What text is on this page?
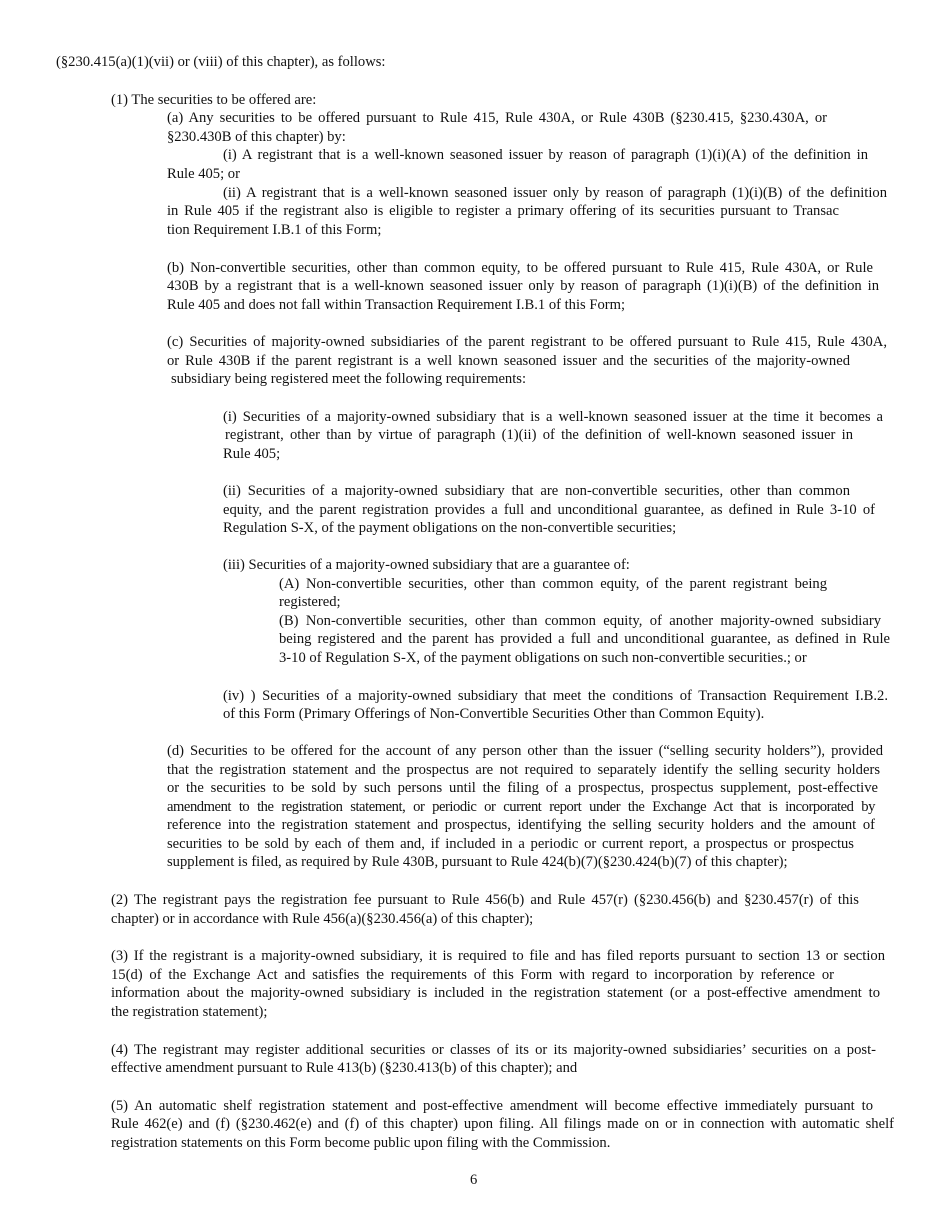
(§230.415(a)(1)(vii) or (viii) of this chapter), as follows:
(1) The securities to be offered are:
(a) Any securities to be offered pursuant to Rule 415, Rule 430A, or Rule 430B (§230.415, §230.430A, or
§230.430B of this chapter) by:
(i) A registrant that is a well-known seasoned issuer by reason of paragraph (1)(i)(A) of the definition in
Rule 405; or
(ii) A registrant that is a well-known seasoned issuer only by reason of paragraph (1)(i)(B) of the definition
in Rule 405 if the registrant also is eligible to register a primary offering of its securities pursuant to Transac
tion Requirement I.B.1 of this Form;
(b) Non-convertible securities, other than common equity, to be offered pursuant to Rule 415, Rule 430A, or Rule
430B by a registrant that is a well-known seasoned issuer only by reason of paragraph (1)(i)(B) of the definition in
Rule 405 and does not fall within Transaction Requirement I.B.1 of this Form;
(c) Securities of majority-owned subsidiaries of the parent registrant to be offered pursuant to Rule 415, Rule 430A,
or Rule 430B if the parent registrant is a well known seasoned issuer and the securities of the majority-owned
subsidiary being registered meet the following requirements:
(i) Securities of a majority-owned subsidiary that is a well-known seasoned issuer at the time it becomes a
registrant, other than by virtue of paragraph (1)(ii) of the definition of well-known seasoned issuer in
Rule 405;
(ii) Securities of a majority-owned subsidiary that are non-convertible securities, other than common
equity, and the parent registration provides a full and unconditional guarantee, as defined in Rule 3-10 of
Regulation S-X, of the payment obligations on the non-convertible securities;
(iii) Securities of a majority-owned subsidiary that are a guarantee of:
(A) Non-convertible securities, other than common equity, of the parent registrant being
registered;
(B) Non-convertible securities, other than common equity, of another majority-owned subsidiary
being registered and the parent has provided a full and unconditional guarantee, as defined in Rule
3-10 of Regulation S-X, of the payment obligations on such non-convertible securities.; or
(iv) ) Securities of a majority-owned subsidiary that meet the conditions of Transaction Requirement I.B.2.
of this Form (Primary Offerings of Non-Convertible Securities Other than Common Equity).
(d) Securities to be offered for the account of any person other than the issuer (“selling security holders”), provided
that the registration statement and the prospectus are not required to separately identify the selling security holders
or the securities to be sold by such persons until the filing of a prospectus, prospectus supplement, post-effective
amendment to the registration statement, or periodic or current report under the Exchange Act that is incorporated by
reference into the registration statement and prospectus, identifying the selling security holders and the amount of
securities to be sold by each of them and, if included in a periodic or current report, a prospectus or prospectus
supplement is filed, as required by Rule 430B, pursuant to Rule 424(b)(7)(§230.424(b)(7) of this chapter);
(2) The registrant pays the registration fee pursuant to Rule 456(b) and Rule 457(r) (§230.456(b) and §230.457(r) of this
chapter) or in accordance with Rule 456(a)(§230.456(a) of this chapter);
(3) If the registrant is a majority-owned subsidiary, it is required to file and has filed reports pursuant to section 13 or section
15(d) of the Exchange Act and satisfies the requirements of this Form with regard to incorporation by reference or
information about the majority-owned subsidiary is included in the registration statement (or a post-effective amendment to
the registration statement);
(4) The registrant may register additional securities or classes of its or its majority-owned subsidiaries’ securities on a post-
effective amendment pursuant to Rule 413(b) (§230.413(b) of this chapter); and
(5) An automatic shelf registration statement and post-effective amendment will become effective immediately pursuant to
Rule 462(e) and (f) (§230.462(e) and (f) of this chapter) upon filing. All filings made on or in connection with automatic shelf
registration statements on this Form become public upon filing with the Commission.
6
